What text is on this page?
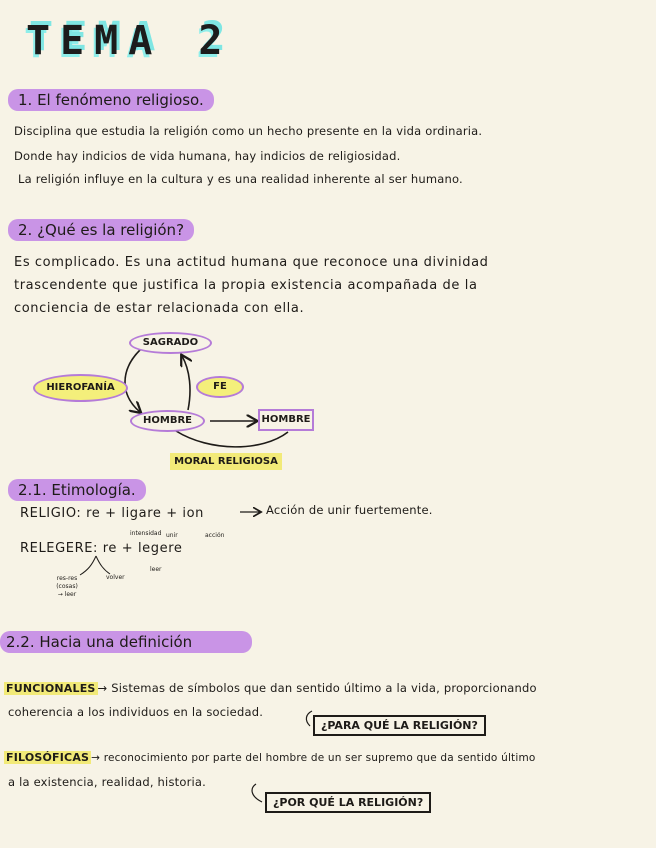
TEMA 2
1. El fenómeno religioso.
Disciplina que estudia la religión como un hecho presente en la vida ordinaria.
Donde hay indicios de vida humana, hay indicios de religiosidad.
La religión influye en la cultura y es una realidad inherente al ser humano.
2. ¿Qué es la religión?
Es complicado. Es una actitud humana que reconoce una divinidad
trascendente que justifica la propia existencia acompañada de la
conciencia de estar relacionada con ella.
SAGRADO
HIEROFANÍA	FE
HOMBRE	HOMBRE
MORAL RELIGIOSA
2.1. Etimología.
RELIGIO: re + ligare + ion	Acción de unir fuertemente.
intensidad unir	acción
RELEGERE: re + legere
leer
volver
res-res (cosas) → leer
2.2. Hacia una definición
FUNCIONALES → Sistemas de símbolos que dan sentido último a la vida, proporcionando
coherencia a los individuos en la sociedad.
¿PARA QUÉ LA RELIGIÓN?
FILOSÓFICAS → reconocimiento por parte del hombre de un ser supremo que da sentido último
a la existencia, realidad, historia.
¿POR QUÉ LA RELIGIÓN?
